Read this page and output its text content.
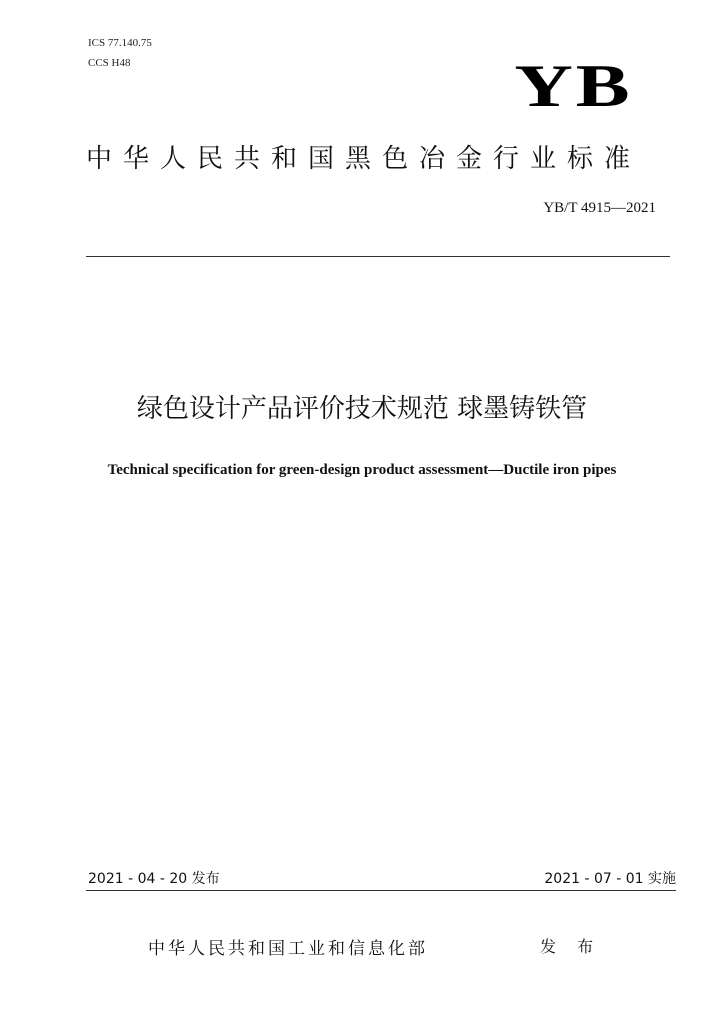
ICS 77.140.75
CCS H48	YB
中华人民共和国黑色冶金行业标准
YB/T 4915—2021
绿色设计产品评价技术规范 球墨铸铁管
Technical specification for green-design product assessment—Ductile iron pipes
2021 - 04 - 20 发布	2021 - 07 - 01 实施
中华人民共和国工业和信息化部	发 布
